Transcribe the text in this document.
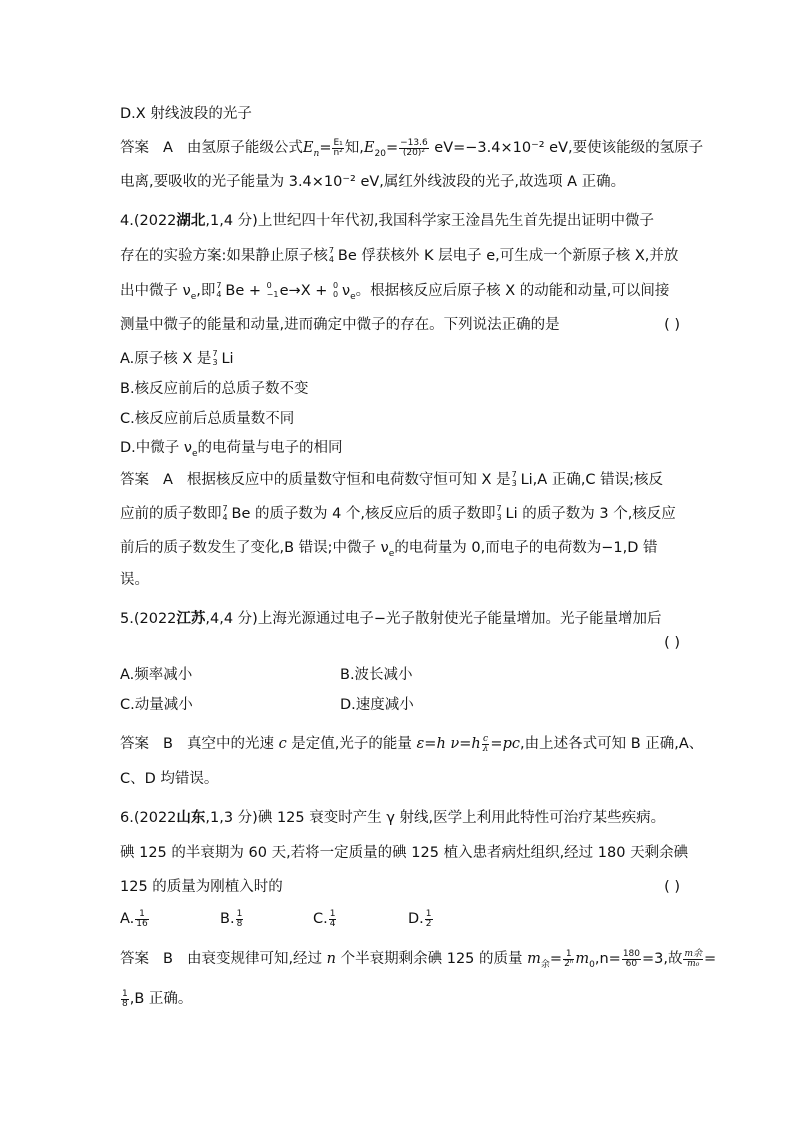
D.X 射线波段的光子
答案 A 由氢原子能级公式$E_n= \frac{\text{E₁}}{\text{n²}}$ 知$,E_{20}= \frac{-13.6}{\text{(20)²}} eV=-3.4\times 10^{-2}$ eV,要使该能级的氢原子
电离,要吸收的光子能量为 3.4×10⁻² eV,属红外线波段的光子,故选项 A 正确。
4.(2022湖北,1,4 分)上世纪四十年代初,我国科学家王淦昌先生首先提出证明中微子
存在的实验方案:如果静止原子核 7
4 Be 俘获核外 K 层电子 e,可生成一个新原子核 X,并放
出中微子 $\nu_e$,即 7
4 Be + 0
−1 e→X + 0
0 $\nu_e$。根据核反应后原子核 X 的动能和动量,可以间接
测量中微子的能量和动量,进而确定中微子的存在。下列说法正确的是	( )
A.原子核 X 是 7
3 Li
B.核反应前后的总质子数不变
C.核反应前后总质量数不同
D.中微子 $\nu_e$的电荷量与电子的相同
答案 A 根据核反应中的质量数守恒和电荷数守恒可知 X 是 7
3 Li,A 正确,C 错误;核反
应前的质子数即 7
4 Be 的质子数为 4 个,核反应后的质子数即 7
3 Li 的质子数为 3 个,核反应
前后的质子数发生了变化,B 错误;中微子 $\nu_e$的电荷量为 0,而电子的电荷数为−1,D 错
误。
5.(2022江苏,4,4 分)上海光源通过电子−光子散射使光子能量增加。光子能量增加后
( )
A.频率减小	B.波长减小
C.动量减小	D.速度减小
答案 B 真空中的光速 c 是定值,光子的能量 ε=h $\nu=h \frac{c}{\lambda} =pc$,由上述各式可知 B 正确,A、
C、D 均错误。
6.(2022山东,1,3 分)碘 125 衰变时产生 γ 射线,医学上利用此特性可治疗某些疾病。
碘 125 的半衰期为 60 天,若将一定质量的碘 125 植入患者病灶组织,经过 180 天剩余碘
125 的质量为刚植入时的	( )
A. $\frac{1}{16}$	B. $\frac{1}{8}$	C. $\frac{1}{4}$	D. $\frac{1}{2}$
答案 B 由衰变规律可知,经过 n 个半衰期剩余碘 125 的质量 $m_余= \frac{1}{\text{2ⁿ}} m_0,n= \frac{180}{60} =3$,故 $\frac{\text{m余}}{\text{m₀}}$ =
$\frac{1}{8} ,B$ 正确。
